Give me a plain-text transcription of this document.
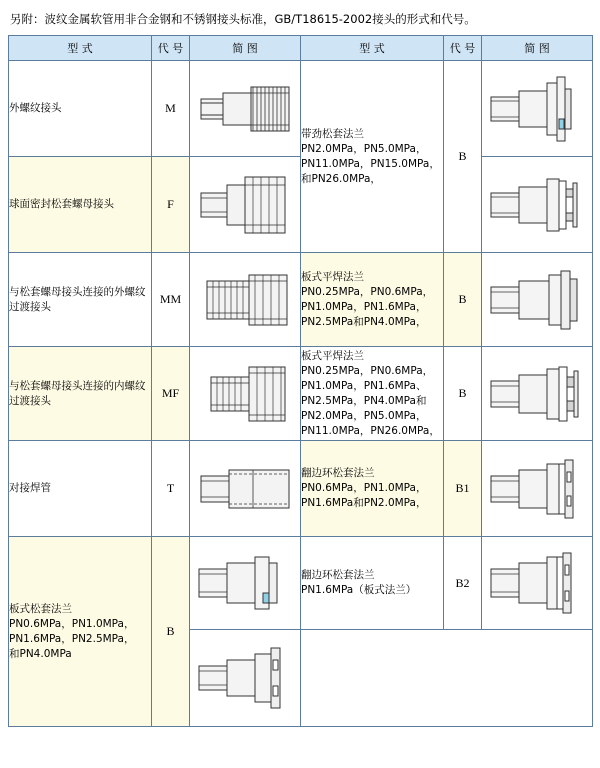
另附：波纹金属软管用非合金钢和不锈钢接头标准，GB/T18615-2002接头的形式和代号。
型 式	代 号	简 图	型 式	代 号	简 图
外螺纹接头	M		带劲松套法兰
PN2.0MPa，PN5.0MPa，
PN11.0MPa，PN15.0MPa，
和PN26.0MPa，	B	

球面密封松套螺母接头	F	

与松套螺母接头连接的外螺纹过渡接头	MM		板式平焊法兰
PN0.25MPa，PN0.6MPa，
PN1.0MPa，PN1.6MPa，
PN2.5MPa和PN4.0MPa，	B	

与松套螺母接头连接的内螺纹过渡接头	MF	
	板式平焊法兰
PN0.25MPa，PN0.6MPa，
PN1.0MPa，PN1.6MPa、
PN2.5MPa，PN4.0MPa和
PN2.0MPa，PN5.0MPa，
PN11.0MPa，PN26.0MPa，	B	

对接焊管	T		翻边环松套法兰
PN0.6MPa，PN1.0MPa，
PN1.6MPa和PN2.0MPa，	B1	

板式松套法兰
PN0.6MPa，PN1.0MPa，
PN1.6MPa，PN2.5MPa，
和PN4.0MPa	B		翻边环松套法兰
PN1.6MPa（板式法兰）	B2	
